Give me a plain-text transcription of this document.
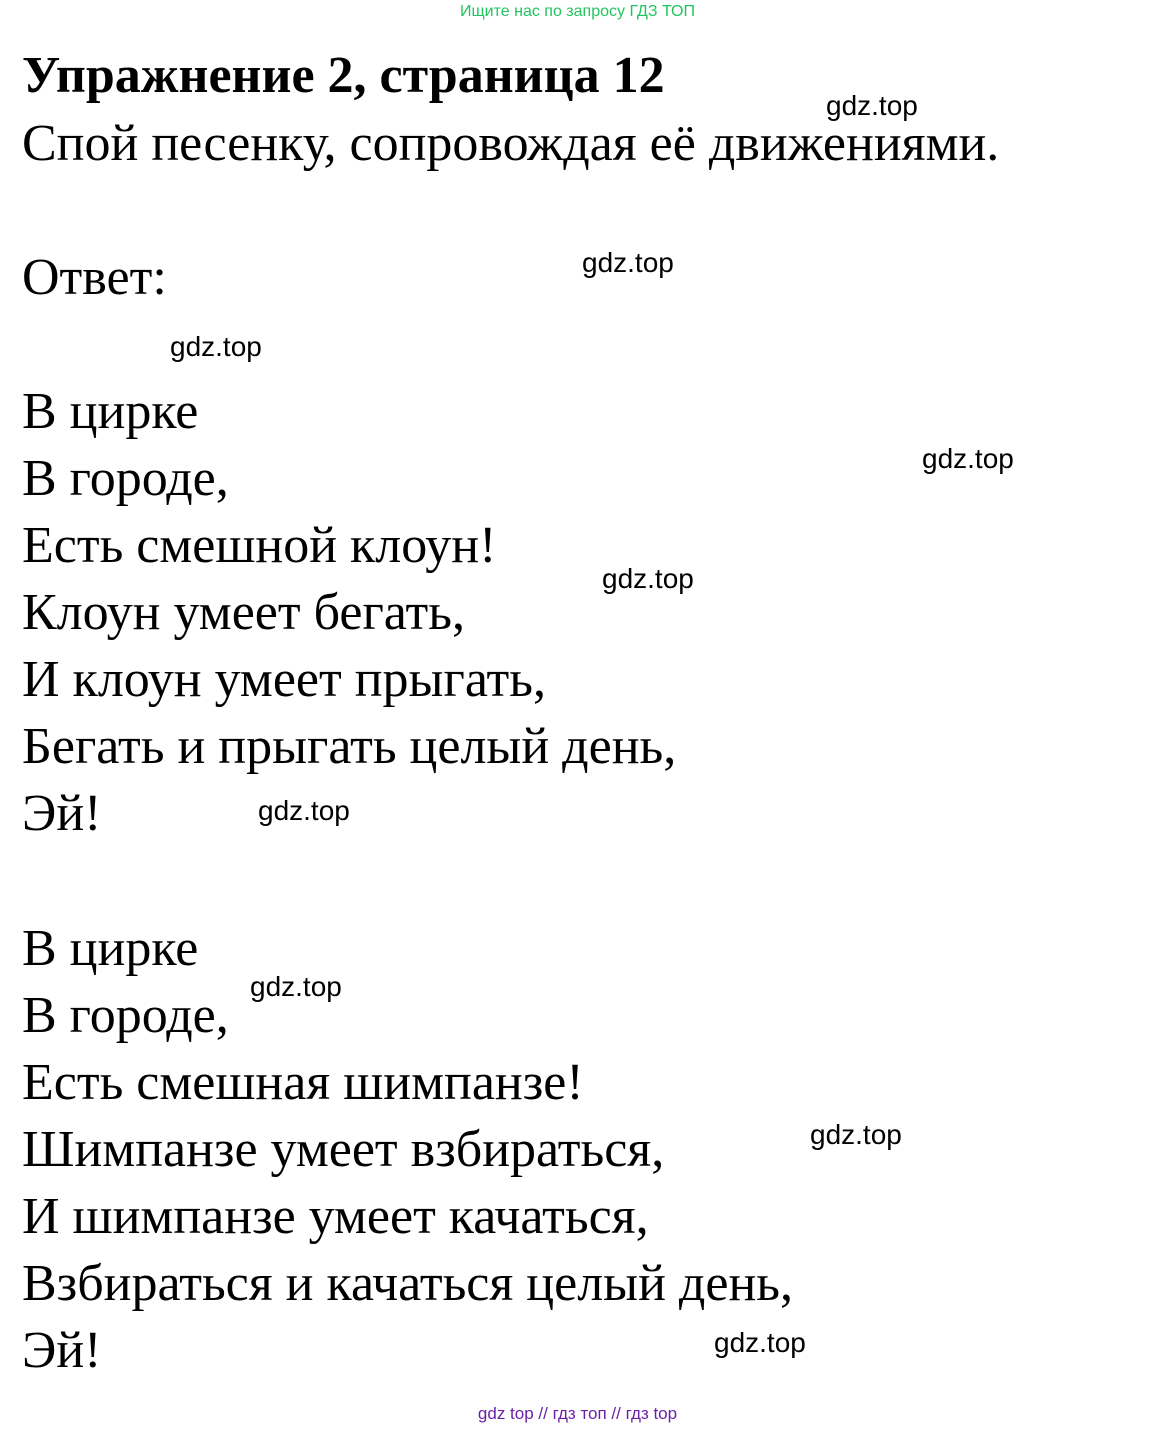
Ищите нас по запросу ГДЗ ТОП
Упражнение 2, страница 12
Спой песенку, сопровождая её движениями.
Ответ:
В цирке
В городе,
Есть смешной клоун!
Клоун умеет бегать,
И клоун умеет прыгать,
Бегать и прыгать целый день,
Эй!
В цирке
В городе,
Есть смешная шимпанзе!
Шимпанзе умеет взбираться,
И шимпанзе умеет качаться,
Взбираться и качаться целый день,
Эй!
gdz.top
gdz.top
gdz.top
gdz.top
gdz.top
gdz.top
gdz.top
gdz.top
gdz.top
gdz top // гдз топ // гдз top
